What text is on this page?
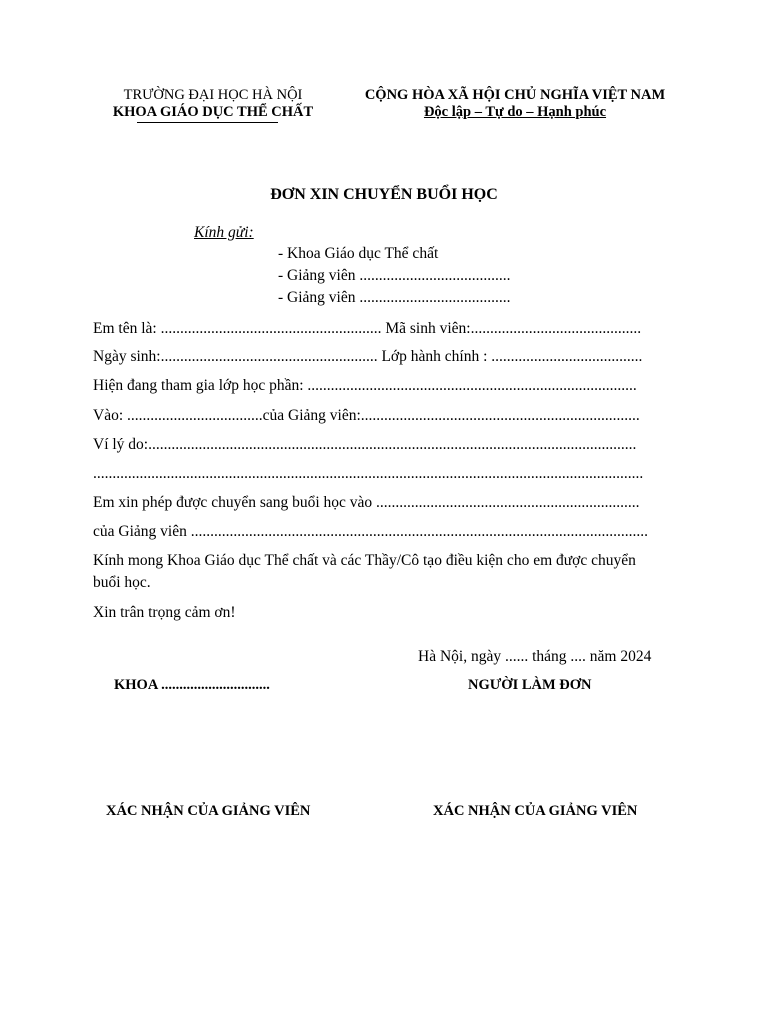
TRƯỜNG ĐẠI HỌC HÀ NỘI
KHOA GIÁO DỤC THỂ CHẤT
CỘNG HÒA XÃ HỘI CHỦ NGHĨA VIỆT NAM
Độc lập – Tự do – Hạnh phúc
ĐƠN XIN CHUYỂN BUỔI HỌC
Kính gửi:
- Khoa Giáo dục Thể chất
- Giảng viên .......................................
- Giảng viên .......................................
Em tên là: ......................................................... Mã sinh viên:............................................
Ngày sinh:........................................................ Lớp hành chính : .......................................
Hiện đang tham gia lớp học phần: .....................................................................................
Vào: ...................................của Giảng viên:........................................................................
Ví lý do:..............................................................................................................................
..............................................................................................................................................
Em xin phép được chuyển sang buổi học vào ....................................................................
của Giảng viên ......................................................................................................................
Kính mong Khoa Giáo dục Thể chất và các Thầy/Cô tạo điều kiện cho em được chuyển
buổi học.
Xin trân trọng cảm ơn!
Hà Nội, ngày ...... tháng .... năm 2024
KHOA ..............................	NGƯỜI LÀM ĐƠN
XÁC NHẬN CỦA GIẢNG VIÊN	XÁC NHẬN CỦA GIẢNG VIÊN
